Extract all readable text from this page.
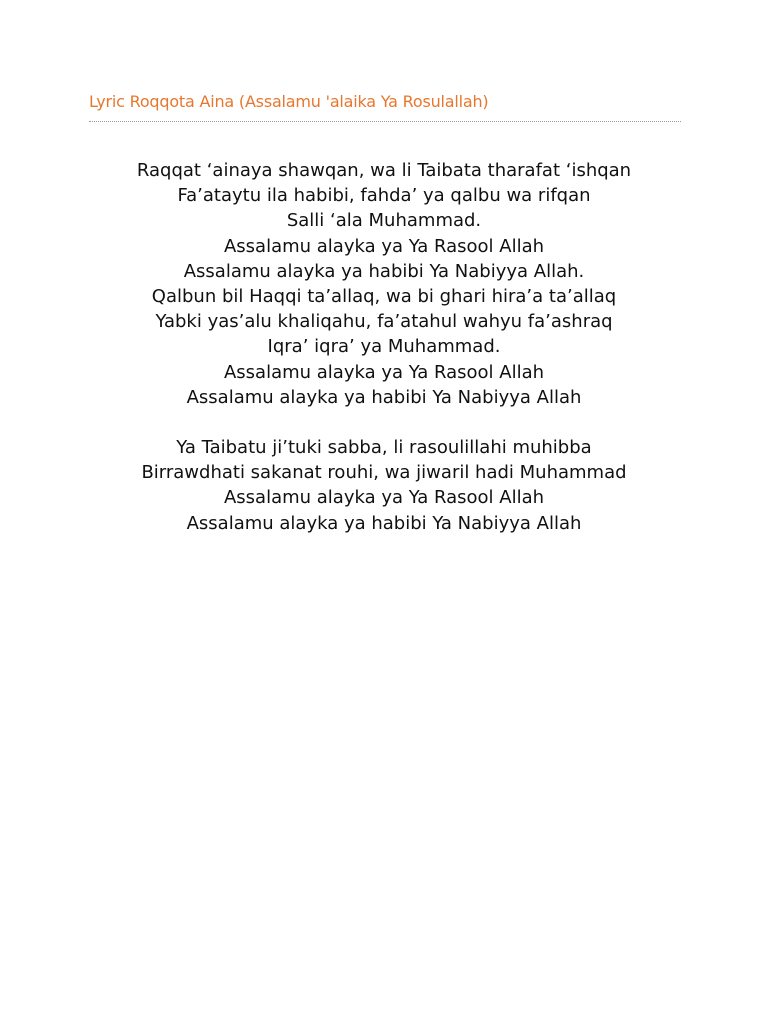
Lyric Roqqota Aina (Assalamu 'alaika Ya Rosulallah)
Raqqat ‘ainaya shawqan, wa li Taibata tharafat ‘ishqan
Fa’ataytu ila habibi, fahda’ ya qalbu wa rifqan
Salli ‘ala Muhammad.
Assalamu alayka ya Ya Rasool Allah
Assalamu alayka ya habibi Ya Nabiyya Allah.
Qalbun bil Haqqi ta’allaq, wa bi ghari hira’a ta’allaq
Yabki yas’alu khaliqahu, fa’atahul wahyu fa’ashraq
Iqra’ iqra’ ya Muhammad.
Assalamu alayka ya Ya Rasool Allah
Assalamu alayka ya habibi Ya Nabiyya Allah
Ya Taibatu ji’tuki sabba, li rasoulillahi muhibba
Birrawdhati sakanat rouhi, wa jiwaril hadi Muhammad
Assalamu alayka ya Ya Rasool Allah
Assalamu alayka ya habibi Ya Nabiyya Allah
